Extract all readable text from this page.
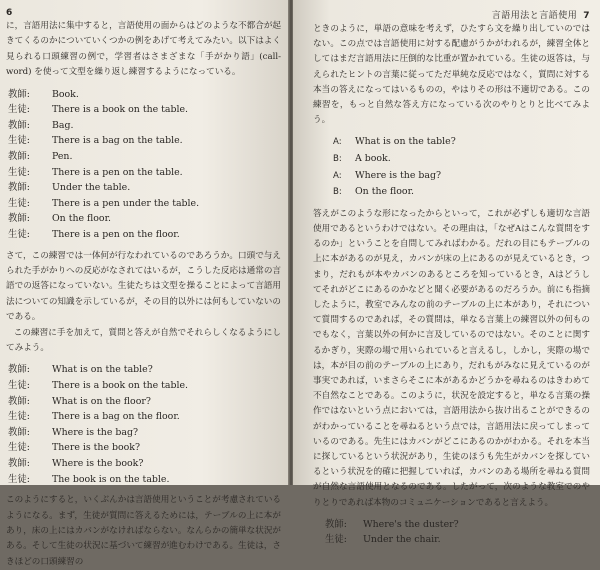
6

に，言語用法に集中すると，言語使用の面からはどのような不都合が起きてくるのかについていくつかの例をあげて考えてみたい。以下はよく見られる口頭練習の例で，学習者はさまざまな「手がかり語」(call-word) を使って文型を繰り返し練習するようになっている。

教師: Book.
生徒: There is a book on the table.
教師: Bag.
生徒: There is a bag on the table.
教師: Pen.
生徒: There is a pen on the table.
教師: Under the table.
生徒: There is a pen under the table.
教師: On the floor.
生徒: There is a pen on the floor.

さて，この練習では一体何が行なわれているのであろうか。口頭で与えられた手がかりへの反応がなされてはいるが，こうした反応は通常の言語での返答になっていない。生徒たちは文型を操ることによって言語用法についての知識を示しているが，その目的以外には何もしていないのである。

この練習に手を加えて，質問と答えが自然でそれらしくなるようにしてみよう。

教師: What is on the table?
生徒: There is a book on the table.
教師: What is on the floor?
生徒: There is a bag on the floor.
教師: Where is the bag?
生徒: There is the book?
教師: Where is the book?
生徒: The book is on the table.

このようにすると，いくぶんかは言語使用ということが考慮されているようになる。まず，生徒が質問に答えるためには，テーブルの上に本があり，床の上にはカバンがなければならない。なんらかの簡単な状況がある。そして生徒の状況に基づいて練習が進むわけである。生徒は，さきほどの口頭練習の

言語用法と言語使用 7

ときのように，単語の意味を考えず，ひたすら文を繰り出していのではない。この点では言語使用に対する配慮がうかがわれるが，練習全体としてはまだ言語用法に圧倒的な比重が置かれている。生徒の返答は，与えられたヒントの言葉に従ってただ単純な反応ではなく，質問に対する本当の答えになってはいるものの，やはりその形は不適切である。この練習を，もっと自然な答え方になっている次のやりとりと比べてみよう。

A: What is on the table?
B: A book.
A: Where is the bag?
B: On the floor.

答えがこのような形になったからといって，これが必ずしも適切な言語使用であるというわけではない。その理由は，「なぜAはこんな質問をするのか」ということを自問してみればわかる。だれの目にもテーブルの上に本があるのが見え，カバンが床の上にあるのが見えているとき，つまり，だれもが本やカバンのあるところを知っているとき，Aはどうしてそれがどこにあるのかなどと聞く必要があるのだろうか。前にも指摘したように，教室でみんなの前のテーブルの上に本があり，それについて質問するのであれば，その質問は，単なる言葉上の練習以外の何ものでもなく，言葉以外の何かに言及しているのではない。そのことに関するかぎり，実際の場で用いられていると言えるし，しかし，実際の場では，本が目の前のテーブルの上にあり，だれもがみなに見えているのが事実であれば，いまさらそこに本があるかどうかを尋ねるのはきわめて不自然なことである。このように，状況を設定すると，単なる言葉の操作ではないという点においては，言語用法から抜け出ることができるのがわかっていることを尋ねるという点では，言語用法に戻ってしまっているのである。先生にはカバンがどこにあるのかがわかる。それを本当に探しているという状況があり，生徒のほうも先生がカバンを探しているという状況を的確に把握していれば，カバンのある場所を尋ねる質問が自然な言語使用となるのである。したがって，次のような教室でのやりとりであれば本物のコミュニケーションであると言えよう。

教師: Where's the duster?
生徒: Under the chair.
